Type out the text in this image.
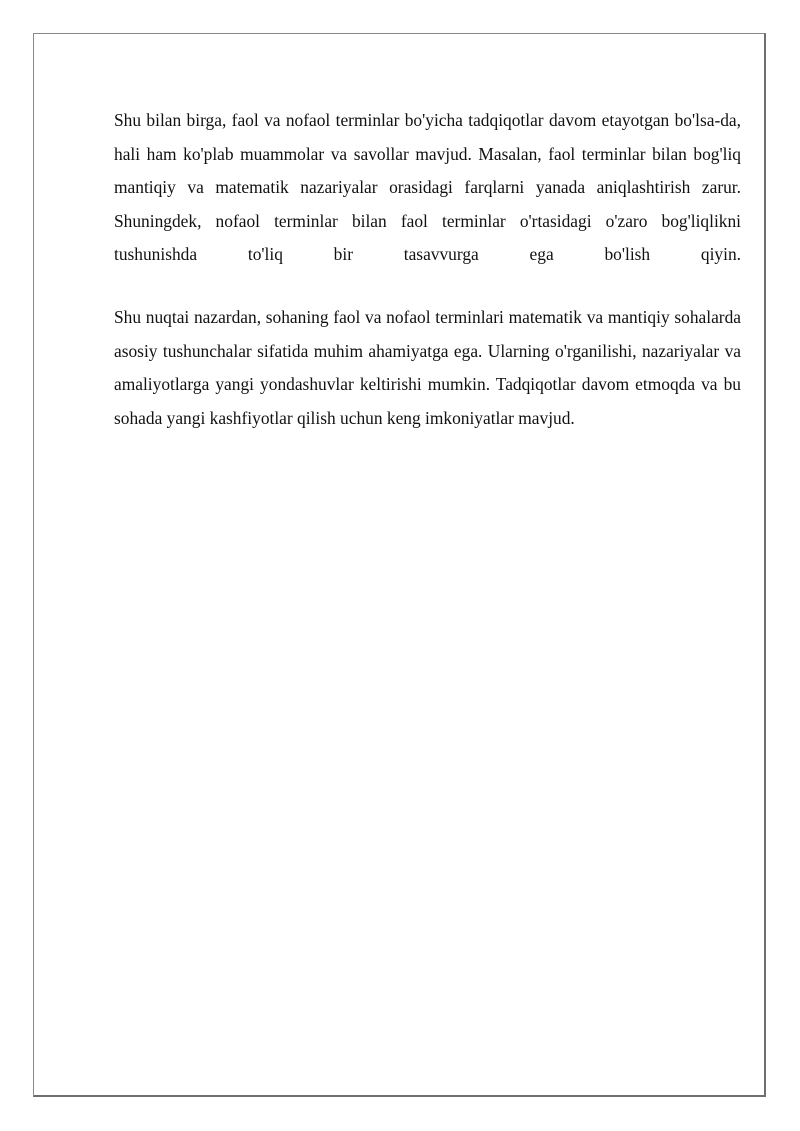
Shu bilan birga, faol va nofaol terminlar bo'yicha tadqiqotlar davom etayotgan bo'lsa-da, hali ham ko'plab muammolar va savollar mavjud. Masalan, faol terminlar bilan bog'liq mantiqiy va matematik nazariyalar orasidagi farqlarni yanada aniqlashtirish zarur. Shuningdek, nofaol terminlar bilan faol terminlar o'rtasidagi o'zaro bog'liqlikni tushunishda to'liq bir tasavvurga ega bo'lish qiyin.

Shu nuqtai nazardan, sohaning faol va nofaol terminlari matematik va mantiqiy sohalarda asosiy tushunchalar sifatida muhim ahamiyatga ega. Ularning o'rganilishi, nazariyalar va amaliyotlarga yangi yondashuvlar keltirishi mumkin. Tadqiqotlar davom etmoqda va bu sohada yangi kashfiyotlar qilish uchun keng imkoniyatlar mavjud.
